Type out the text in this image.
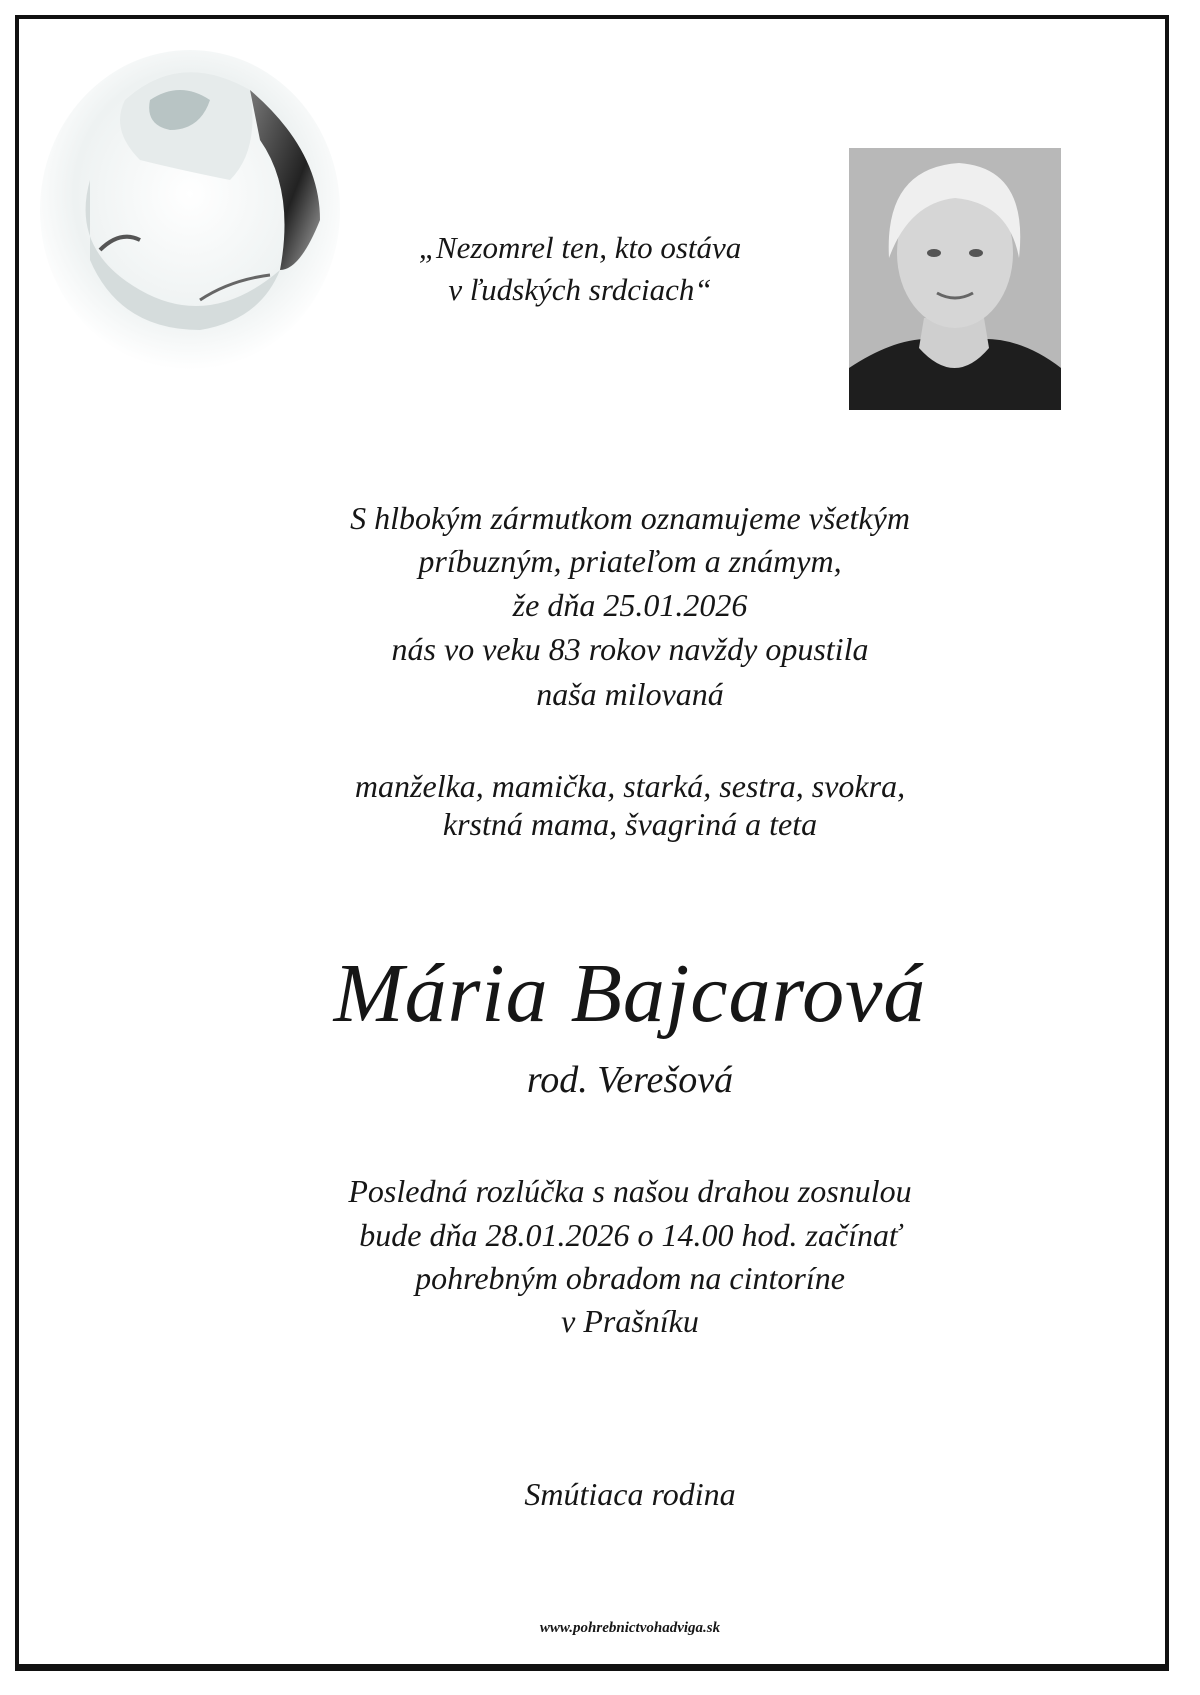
„Nezomrel ten, kto ostáva
v ľudských srdciach“
S hlbokým zármutkom oznamujeme všetkým
príbuzným, priateľom a známym,
že dňa 25.01.2026
nás vo veku 83 rokov navždy opustila
naša milovaná
manželka, mamička, starká, sestra, svokra,
krstná mama, švagriná a teta
Mária Bajcarová
rod. Verešová
Posledná rozlúčka s našou drahou zosnulou
bude dňa 28.01.2026 o 14.00 hod. začínať
pohrebným obradom na cintoríne
v Prašníku
Smútiaca rodina
www.pohrebnictvohadviga.sk
